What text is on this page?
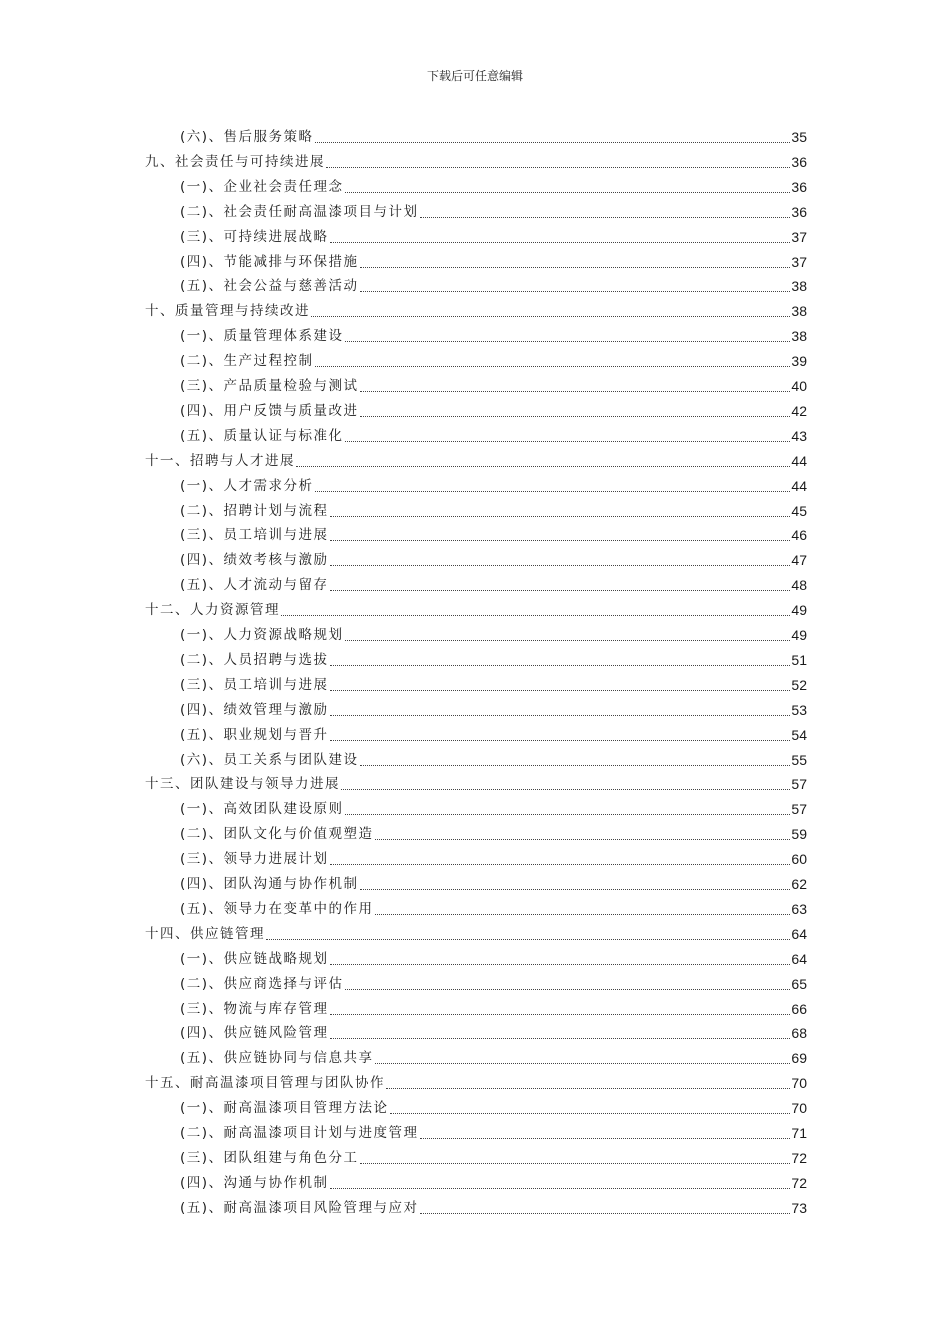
下载后可任意编辑
(六)、售后服务策略	35
九、社会责任与可持续进展	36
(一)、企业社会责任理念	36
(二)、社会责任耐高温漆项目与计划	36
(三)、可持续进展战略	37
(四)、节能减排与环保措施	37
(五)、社会公益与慈善活动	38
十、质量管理与持续改进	38
(一)、质量管理体系建设	38
(二)、生产过程控制	39
(三)、产品质量检验与测试	40
(四)、用户反馈与质量改进	42
(五)、质量认证与标准化	43
十一、招聘与人才进展	44
(一)、人才需求分析	44
(二)、招聘计划与流程	45
(三)、员工培训与进展	46
(四)、绩效考核与激励	47
(五)、人才流动与留存	48
十二、人力资源管理	49
(一)、人力资源战略规划	49
(二)、人员招聘与选拔	51
(三)、员工培训与进展	52
(四)、绩效管理与激励	53
(五)、职业规划与晋升	54
(六)、员工关系与团队建设	55
十三、团队建设与领导力进展	57
(一)、高效团队建设原则	57
(二)、团队文化与价值观塑造	59
(三)、领导力进展计划	60
(四)、团队沟通与协作机制	62
(五)、领导力在变革中的作用	63
十四、供应链管理	64
(一)、供应链战略规划	64
(二)、供应商选择与评估	65
(三)、物流与库存管理	66
(四)、供应链风险管理	68
(五)、供应链协同与信息共享	69
十五、耐高温漆项目管理与团队协作	70
(一)、耐高温漆项目管理方法论	70
(二)、耐高温漆项目计划与进度管理	71
(三)、团队组建与角色分工	72
(四)、沟通与协作机制	72
(五)、耐高温漆项目风险管理与应对	73
